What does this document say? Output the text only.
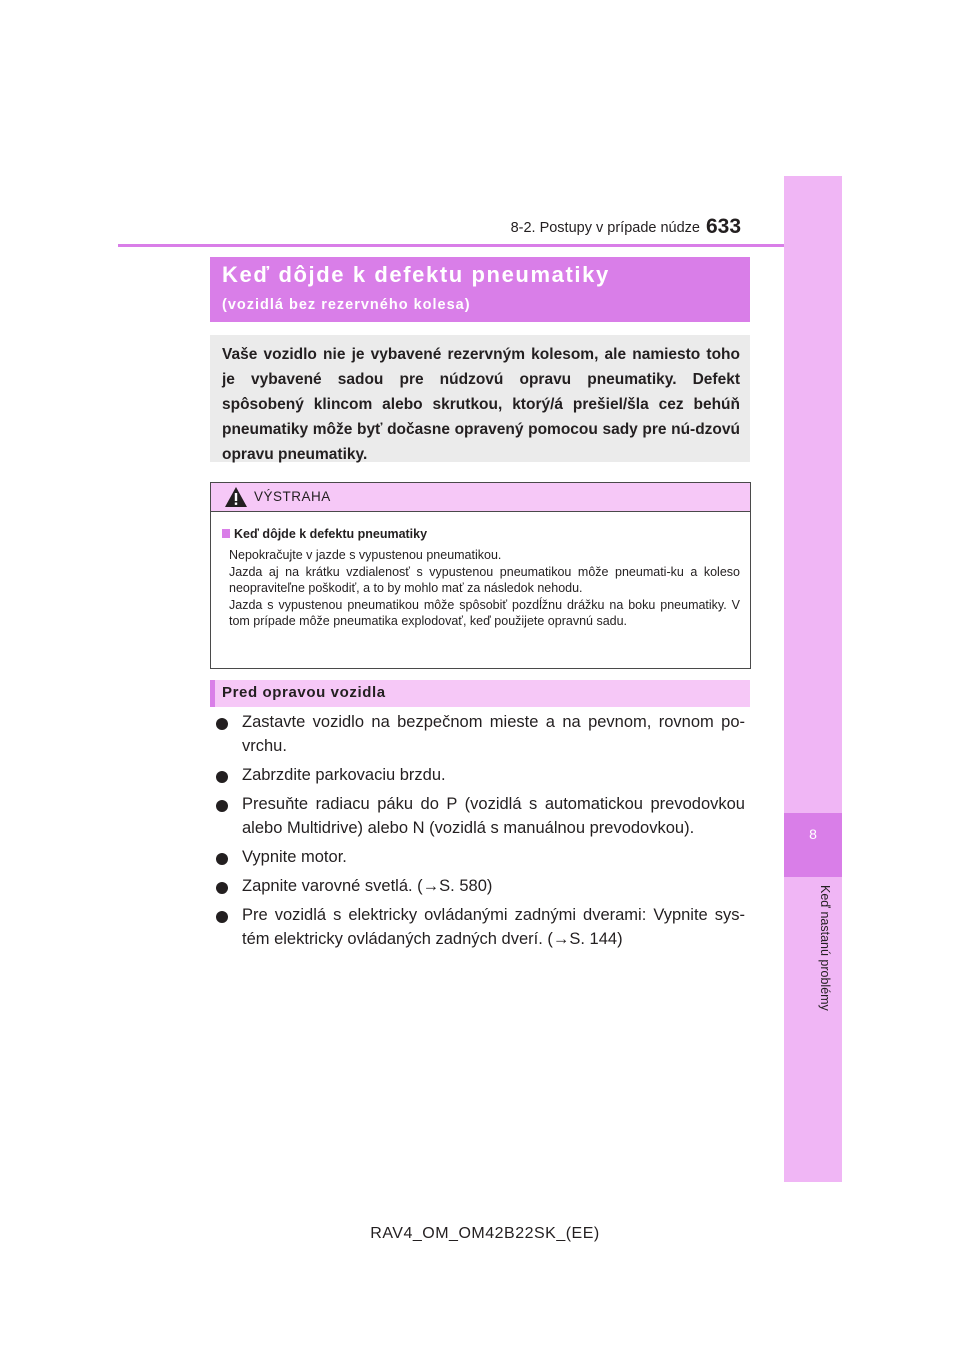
8
8-2. Postupy v prípade núdze 633
Keď dôjde k defektu pneumatiky
(vozidlá bez rezervného kolesa)
Vaše vozidlo nie je vybavené rezervným kolesom, ale namiesto toho je vybavené sadou pre núdzovú opravu pneumatiky. Defekt spôsobený klincom alebo skrutkou, ktorý/á prešiel/šla cez behúň pneumatiky môže byť dočasne opravený pomocou sady pre nú-dzovú opravu pneumatiky.
VÝSTRAHA
Keď dôjde k defektu pneumatiky

Nepokračujte v jazde s vypustenou pneumatikou.

Jazda aj na krátku vzdialenosť s vypustenou pneumatikou môže pneumati-ku a koleso neopraviteľne poškodiť, a to by mohlo mať za následok nehodu.

Jazda s vypustenou pneumatikou môže spôsobiť pozdĺžnu drážku na boku pneumatiky. V tom prípade môže pneumatika explodovať, keď použijete opravnú sadu.

Pred opravou vozidla
Zastavte vozidlo na bezpečnom mieste a na pevnom, rovnom po-vrchu.
Zabrzdite parkovaciu brzdu.
Presuňte radiacu páku do P (vozidlá s automatickou prevodovkou alebo Multidrive) alebo N (vozidlá s manuálnou prevodovkou).
Vypnite motor.
Zapnite varovné svetlá. (→S. 580)
Pre vozidlá s elektricky ovládanými zadnými dverami: Vypnite sys-tém elektricky ovládaných zadných dverí. (→S. 144)
RAV4_OM_OM42B22SK_(EE)
